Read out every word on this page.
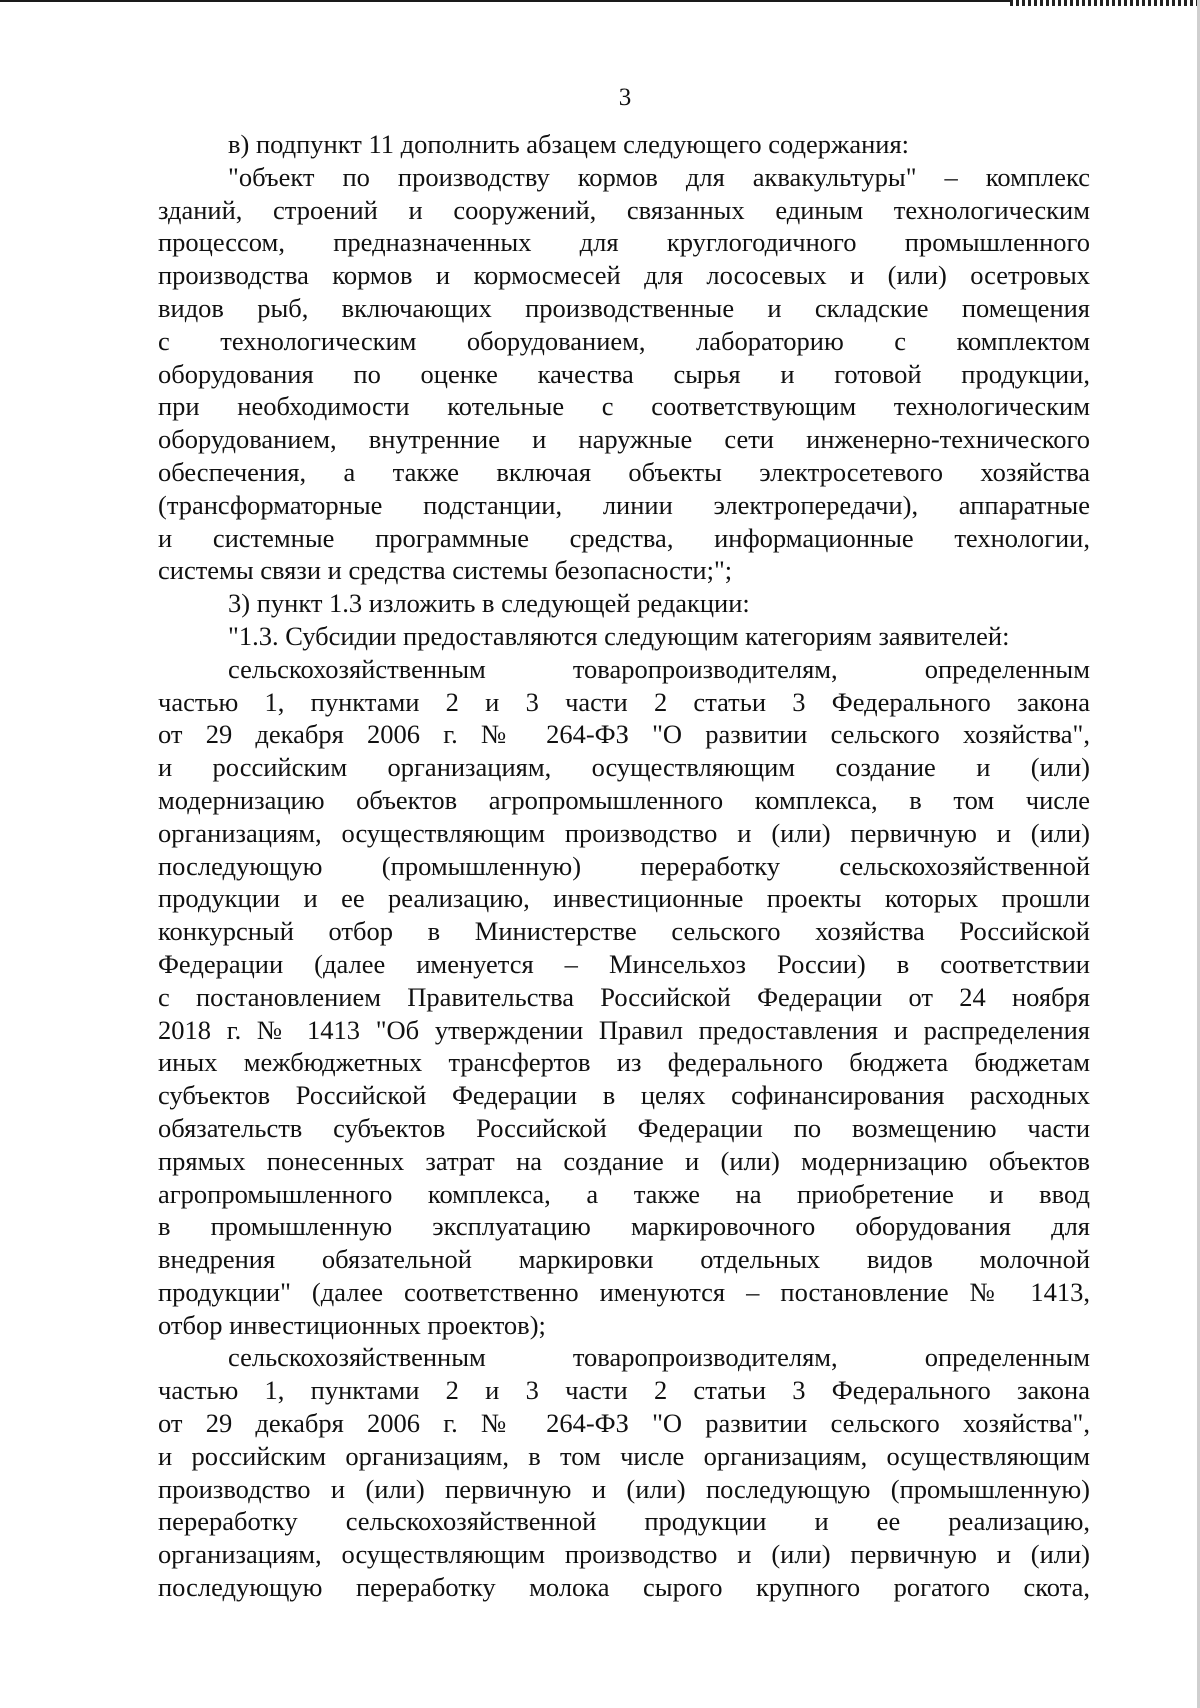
3
в) подпункт 11 дополнить абзацем следующего содержания:
"объект по производству кормов для аквакультуры" – комплекс
зданий, строений и сооружений, связанных единым технологическим
процессом, предназначенных для круглогодичного промышленного
производства кормов и кормосмесей для лососевых и (или) осетровых
видов рыб, включающих производственные и складские помещения
с технологическим оборудованием, лабораторию с комплектом
оборудования по оценке качества сырья и готовой продукции,
при необходимости котельные с соответствующим технологическим
оборудованием, внутренние и наружные сети инженерно-технического
обеспечения, а также включая объекты электросетевого хозяйства
(трансформаторные подстанции, линии электропередачи), аппаратные
и системные программные средства, информационные технологии,
системы связи и средства системы безопасности;";
3) пункт 1.3 изложить в следующей редакции:
"1.3. Субсидии предоставляются следующим категориям заявителей:
сельскохозяйственным товаропроизводителям, определенным
частью 1, пунктами 2 и 3 части 2 статьи 3 Федерального закона
от 29 декабря 2006 г. № 264-ФЗ "О развитии сельского хозяйства",
и российским организациям, осуществляющим создание и (или)
модернизацию объектов агропромышленного комплекса, в том числе
организациям, осуществляющим производство и (или) первичную и (или)
последующую (промышленную) переработку сельскохозяйственной
продукции и ее реализацию, инвестиционные проекты которых прошли
конкурсный отбор в Министерстве сельского хозяйства Российской
Федерации (далее именуется – Минсельхоз России) в соответствии
с постановлением Правительства Российской Федерации от 24 ноября
2018 г. № 1413 "Об утверждении Правил предоставления и распределения
иных межбюджетных трансфертов из федерального бюджета бюджетам
субъектов Российской Федерации в целях софинансирования расходных
обязательств субъектов Российской Федерации по возмещению части
прямых понесенных затрат на создание и (или) модернизацию объектов
агропромышленного комплекса, а также на приобретение и ввод
в промышленную эксплуатацию маркировочного оборудования для
внедрения обязательной маркировки отдельных видов молочной
продукции" (далее соответственно именуются – постановление № 1413,
отбор инвестиционных проектов);
сельскохозяйственным товаропроизводителям, определенным
частью 1, пунктами 2 и 3 части 2 статьи 3 Федерального закона
от 29 декабря 2006 г. № 264-ФЗ "О развитии сельского хозяйства",
и российским организациям, в том числе организациям, осуществляющим
производство и (или) первичную и (или) последующую (промышленную)
переработку сельскохозяйственной продукции и ее реализацию,
организациям, осуществляющим производство и (или) первичную и (или)
последующую переработку молока сырого крупного рогатого скота,
